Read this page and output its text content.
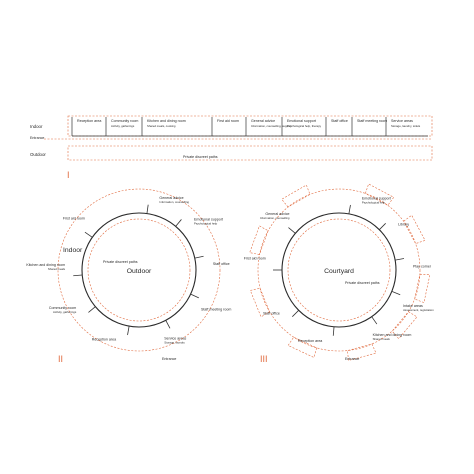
Indoor
Entrance
Outdoor	Private discreet paths
Reception area	Community room
Activity, gatherings
Kitchen and dining room
Shared meals, cooking
First aid room	General advice
Information, counselling, support
Emotional support
Psychological help, therapy
Staff office	Staff meeting room Service areas
Storage, laundry, toilets
I
General advice
Information, counselling
Emotional support
Psychological help
Staff office
Staff meeting room
Service areas
Storage, laundry
Reception area
Community room
Activity, gatherings
Kitchen and dining room
Shared meals
First aid room
Indoor
Outdoor
Private discreet paths
Entrance
II
Emotional support
Psychological help
Library
Play corner
Intake areas
Assessment, registration
Kitchen and dining room
Shared meals
Reception area
Staff office
First aid room
General advice
Information, counselling
Courtyard
Private discreet paths
Entrance
III
